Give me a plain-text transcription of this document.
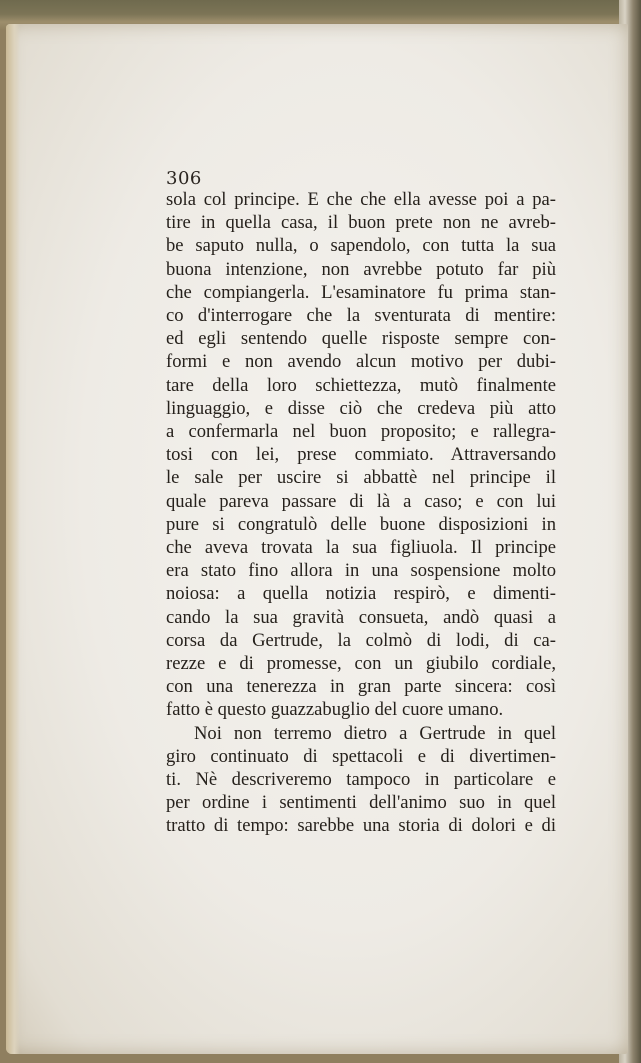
306
sola col principe. E che che ella avesse poi a pa-
tire in quella casa, il buon prete non ne avreb-
be saputo nulla, o sapendolo, con tutta la sua
buona intenzione, non avrebbe potuto far più
che compiangerla. L'esaminatore fu prima stan-
co d'interrogare che la sventurata di mentire:
ed egli sentendo quelle risposte sempre con-
formi e non avendo alcun motivo per dubi-
tare della loro schiettezza, mutò finalmente
linguaggio, e disse ciò che credeva più atto
a confermarla nel buon proposito; e rallegra-
tosi con lei, prese commiato. Attraversando
le sale per uscire si abbattè nel principe il
quale pareva passare di là a caso; e con lui
pure si congratulò delle buone disposizioni in
che aveva trovata la sua figliuola. Il principe
era stato fino allora in una sospensione molto
noiosa: a quella notizia respirò, e dimenti-
cando la sua gravità consueta, andò quasi a
corsa da Gertrude, la colmò di lodi, di ca-
rezze e di promesse, con un giubilo cordiale,
con una tenerezza in gran parte sincera: così
fatto è questo guazzabuglio del cuore umano.
Noi non terremo dietro a Gertrude in quel
giro continuato di spettacoli e di divertimen-
ti. Nè descriveremo tampoco in particolare e
per ordine i sentimenti dell'animo suo in quel
tratto di tempo: sarebbe una storia di dolori e di
